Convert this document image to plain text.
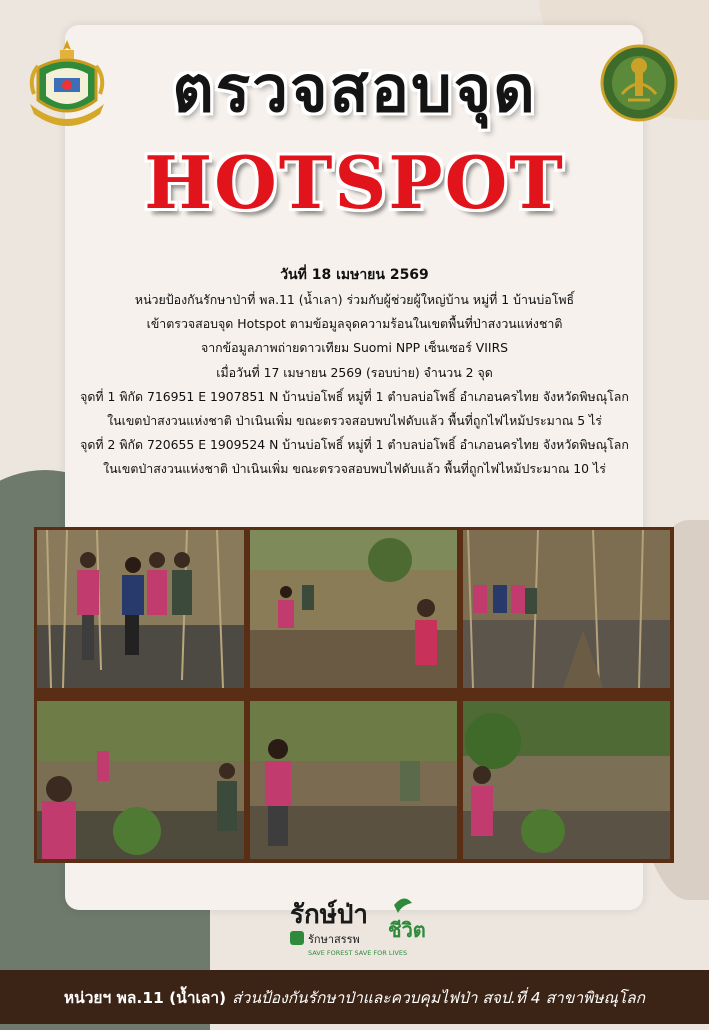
ตรวจสอบจุด
HOTSPOT
วันที่ 18 เมษายน 2569
หน่วยป้องกันรักษาป่าที่ พล.11 (น้ำเลา) ร่วมกับผู้ช่วยผู้ใหญ่บ้าน หมู่ที่ 1 บ้านบ่อโพธิ์
เข้าตรวจสอบจุด Hotspot ตามข้อมูลจุดความร้อนในเขตพื้นที่ป่าสงวนแห่งชาติ
จากข้อมูลภาพถ่ายดาวเทียม Suomi NPP เซ็นเซอร์ VIIRS
เมื่อวันที่ 17 เมษายน 2569 (รอบบ่าย) จำนวน 2 จุด
จุดที่ 1 พิกัด 716951 E 1907851 N บ้านบ่อโพธิ์ หมู่ที่ 1 ตำบลบ่อโพธิ์ อำเภอนครไทย จังหวัดพิษณุโลก
ในเขตป่าสงวนแห่งชาติ ป่าเนินเพิ่ม ขณะตรวจสอบพบไฟดับแล้ว พื้นที่ถูกไฟไหม้ประมาณ 5 ไร่
จุดที่ 2 พิกัด 720655 E 1909524 N บ้านบ่อโพธิ์ หมู่ที่ 1 ตำบลบ่อโพธิ์ อำเภอนครไทย จังหวัดพิษณุโลก
ในเขตป่าสงวนแห่งชาติ ป่าเนินเพิ่ม ขณะตรวจสอบพบไฟดับแล้ว พื้นที่ถูกไฟไหม้ประมาณ 10 ไร่
รักษ์ป่า ชีวิต
รักษาสรรพ
SAVE FOREST SAVE FOR LIVES
หน่วยฯ พล.11 (น้ำเลา) ส่วนป้องกันรักษาป่าและควบคุมไฟป่า สจป.ที่ 4 สาขาพิษณุโลก
